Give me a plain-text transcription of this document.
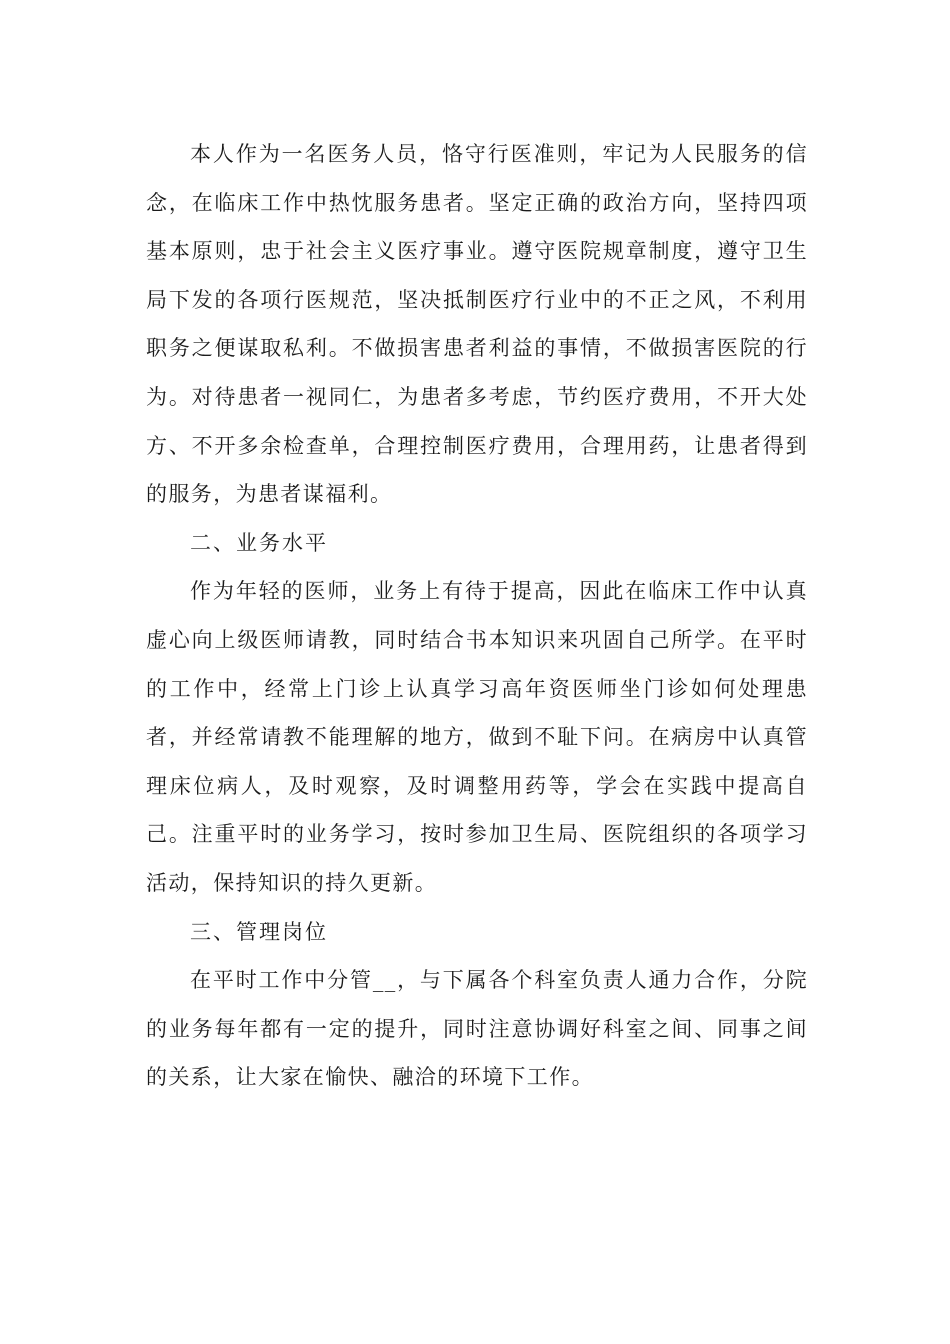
本人作为一名医务人员，恪守行医准则，牢记为人民服务的信念，在临床工作中热忱服务患者。坚定正确的政治方向，坚持四项基本原则，忠于社会主义医疗事业。遵守医院规章制度，遵守卫生局下发的各项行医规范，坚决抵制医疗行业中的不正之风，不利用职务之便谋取私利。不做损害患者利益的事情，不做损害医院的行为。对待患者一视同仁，为患者多考虑，节约医疗费用，不开大处方、不开多余检查单，合理控制医疗费用，合理用药，让患者得到的服务，为患者谋福利。

二、业务水平

作为年轻的医师，业务上有待于提高，因此在临床工作中认真虚心向上级医师请教，同时结合书本知识来巩固自己所学。在平时的工作中，经常上门诊上认真学习高年资医师坐门诊如何处理患者，并经常请教不能理解的地方，做到不耻下问。在病房中认真管理床位病人，及时观察，及时调整用药等，学会在实践中提高自己。注重平时的业务学习，按时参加卫生局、医院组织的各项学习活动，保持知识的持久更新。

三、管理岗位

在平时工作中分管__，与下属各个科室负责人通力合作，分院的业务每年都有一定的提升，同时注意协调好科室之间、同事之间的关系，让大家在愉快、融洽的环境下工作。
